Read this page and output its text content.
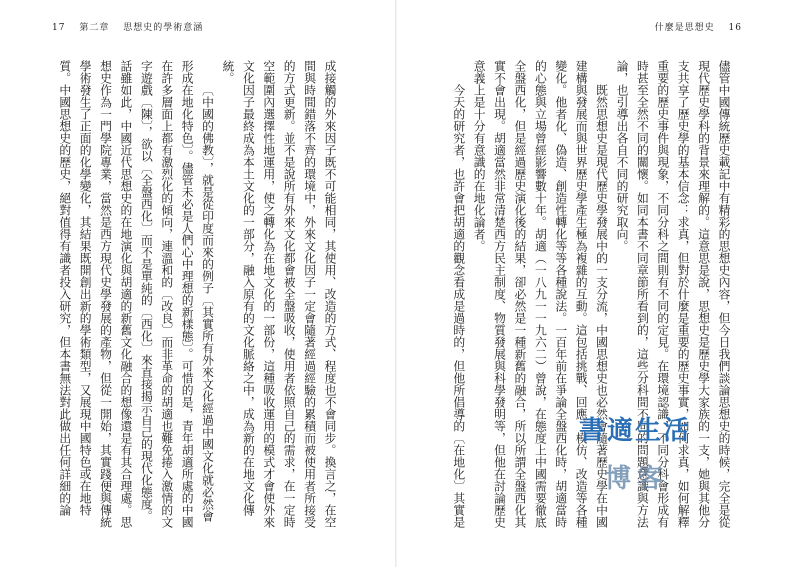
17 第二章 思想史的學術意涵

成接觸的外來因子既不可能相同，其使用、改造的方式、程度也不會同步。換言之，在空間與時間錯落不齊的環境中，外來文化因子一定會隨著經過經驗的累積而被使用者所接受的方式更新。並不是說所有外來文化都會被全盤吸收，使用者依照自己的需求，在一定時空範圍內選擇性地運用，使之轉化為在地文化的一部份，這種吸收運用的模式才會使外來文化因子最終成為本土文化的一部分，融入原有的文化脈絡之中，成為新的在地文化傳統。

〔中國的佛教〕，就是從印度而來的例子〔其實所有外來文化經過中國文化就必然會形成在地化特色〕。儘管未必是人們心中理想的新樣態〕。可惜的是，青年胡適所處的中國在許多層面上都有激烈化的傾向，連溫和的〔改良〕而非革命的胡適也難免捲入激情的文字遊戲〔陳〕，欲以〔全盤西化〕而不是單純的〔西化〕來直接揭示自己的現代化態度。話雖如此，中國近代思想史的在地演化與胡適的新舊文化融合的想像還是有其合理處。思想史作為一門學院專業，當然是西方現代史學發展的產物，但從一開始，其實踐便與傳統學術發生了正面的化學變化，其結果既開創出新的學術類型，又展現中國特色或在地特質。中國思想史的歷史，絕對值得有識者投入研究，但本書無法對此做出任何詳細的論

什麼是思想史 16

儘管中國傳統歷史載記中有精彩的思想史內容，但今日我們談論思想史的時候，完全是從現代歷史學科的背景來理解的。這意思是說，思想史是歷史學大家族的一支，她與其他分支共享了歷史學的基本信念：求真，但對於什麼是重要的歷史事實，如何求真，如何解釋重要的歷史事件與現象，不同分科之間則有不同的定見。在環境認識，不同分科會形成有時甚至全然不同的關懷。如同本書不同章節所看到的，這些分科間不同的問題意識與方法論，也引導出各自不同的研究取向。

既然思想史是現代歷史學發展中的一支分流，中國思想史也必然會隨著歷史學在中國建構與發展而與世界歷史學產生極為複雜的互動。這包括挑戰、回應、模仿、改造等各種變化。他者化、偽造、創造性轉化等等各種說法。一百年前在爭論全盤西化時，胡適當時的心態與立場曾經影響數十年。胡適（一八九一一九六二）曾說，在態度上中國需要徹底全盤西化，但是經過歷史演化後的結果，卻必然是一種新舊的融合，所以所謂全盤西化其實不會出現。胡適當然非常清楚西方民主制度、物質發展與科學發明等，但他在討論歷史意義上是十分有意識的在地化論者。

今天的研究者，也許會把胡適的觀念看成是過時的，但他所倡導的〔在地化〕其實是

書適生活
博客
